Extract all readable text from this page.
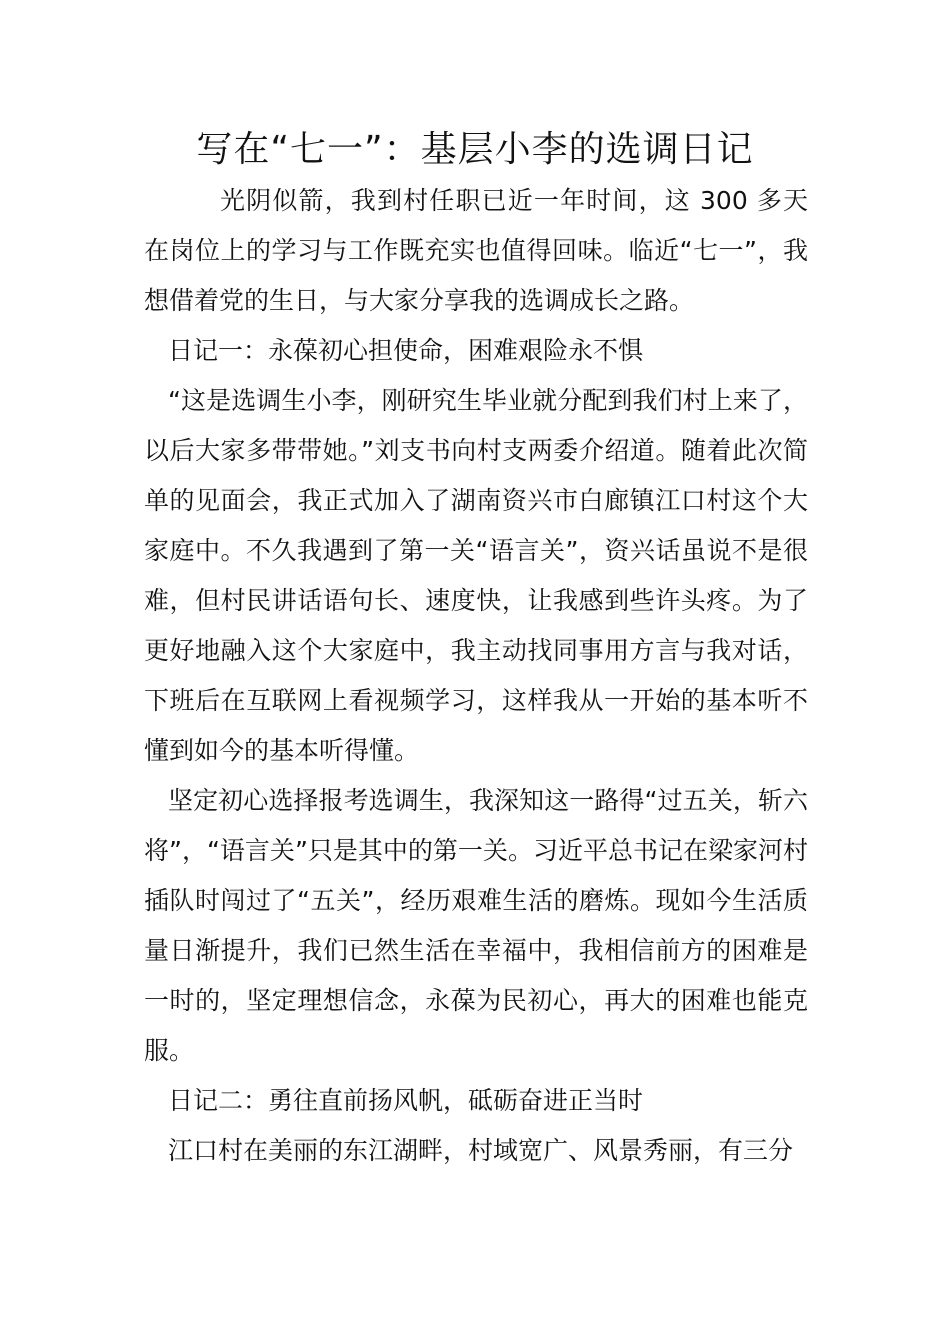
写在“七一”：基层小李的选调日记

光阴似箭，我到村任职已近一年时间，这 300 多天在岗位上的学习与工作既充实也值得回味。临近“七一”，我想借着党的生日，与大家分享我的选调成长之路。

日记一：永葆初心担使命，困难艰险永不惧

“这是选调生小李，刚研究生毕业就分配到我们村上来了，以后大家多带带她。”刘支书向村支两委介绍道。随着此次简单的见面会，我正式加入了湖南资兴市白廊镇江口村这个大家庭中。不久我遇到了第一关“语言关”，资兴话虽说不是很难，但村民讲话语句长、速度快，让我感到些许头疼。为了更好地融入这个大家庭中，我主动找同事用方言与我对话，下班后在互联网上看视频学习，这样我从一开始的基本听不懂到如今的基本听得懂。

坚定初心选择报考选调生，我深知这一路得“过五关，斩六将”，“语言关”只是其中的第一关。习近平总书记在梁家河村插队时闯过了“五关”，经历艰难生活的磨炼。现如今生活质量日渐提升，我们已然生活在幸福中，我相信前方的困难是一时的，坚定理想信念，永葆为民初心，再大的困难也能克服。

日记二：勇往直前扬风帆，砥砺奋进正当时

江口村在美丽的东江湖畔，村域宽广、风景秀丽，有三分
